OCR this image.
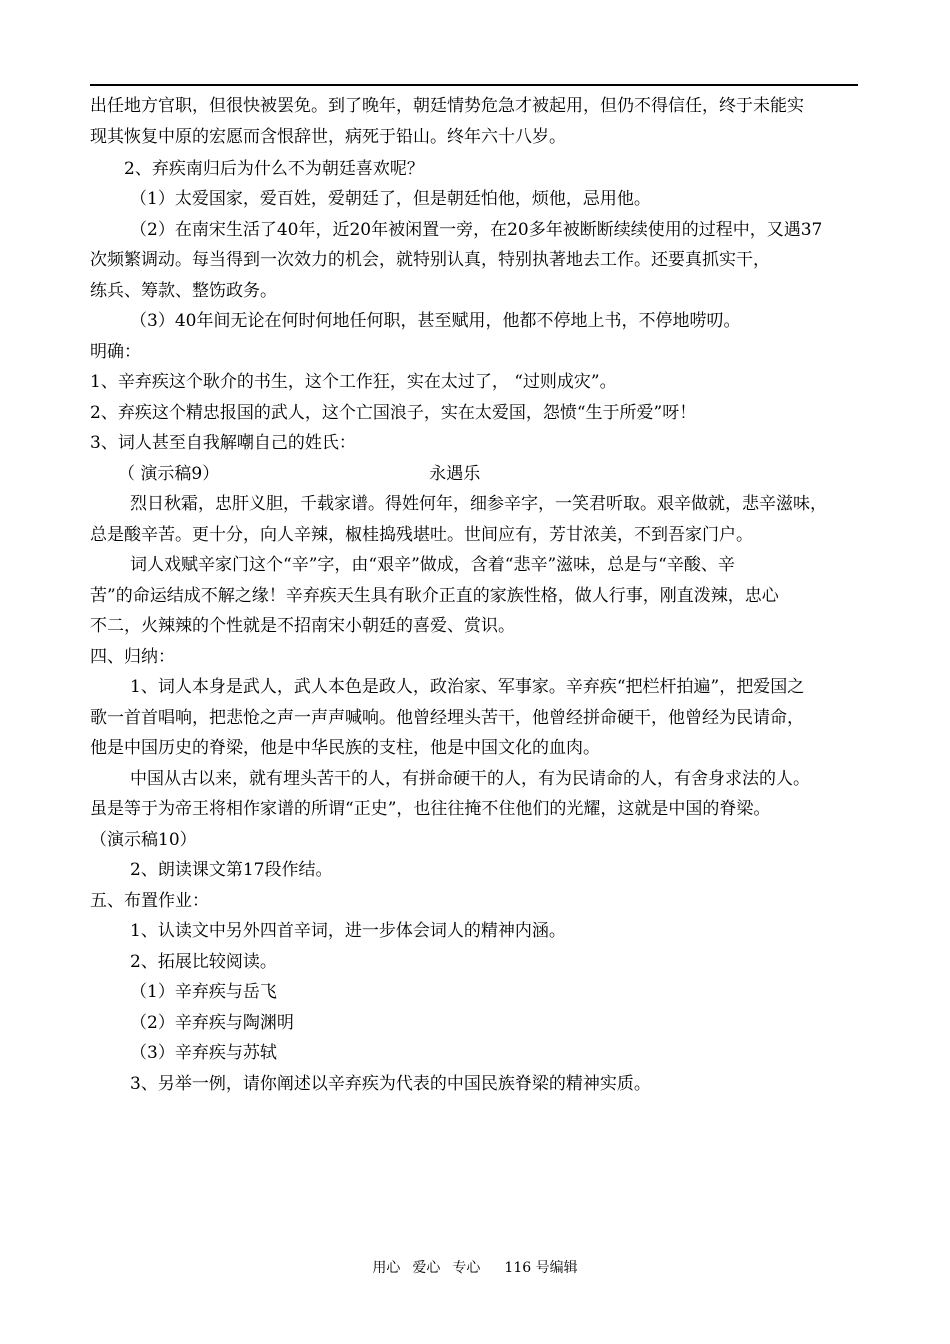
出任地方官职，但很快被罢免。到了晚年，朝廷情势危急才被起用，但仍不得信任，终于未能实
现其恢复中原的宏愿而含恨辞世，病死于铅山。终年六十八岁。
2、弃疾南归后为什么不为朝廷喜欢呢？
（1）太爱国家，爱百姓，爱朝廷了，但是朝廷怕他，烦他，忌用他。
（2）在南宋生活了40年，近20年被闲置一旁，在20多年被断断续续使用的过程中，又遇37
次频繁调动。每当得到一次效力的机会，就特别认真，特别执著地去工作。还要真抓实干，
练兵、筹款、整饬政务。
（3）40年间无论在何时何地任何职，甚至赋用，他都不停地上书，不停地唠叨。
明确：
1、辛弃疾这个耿介的书生，这个工作狂，实在太过了， “过则成灾”。
2、弃疾这个精忠报国的武人，这个亡国浪子，实在太爱国，怨愤“生于所爱”呀！
3、词人甚至自我解嘲自己的姓氏：
（ 演示稿9）	永遇乐
烈日秋霜，忠肝义胆，千载家谱。得姓何年，细参辛字，一笑君听取。艰辛做就，悲辛滋味，
总是酸辛苦。更十分，向人辛辣，椒桂捣残堪吐。世间应有，芳甘浓美，不到吾家门户。
词人戏赋辛家门这个“辛”字，由“艰辛”做成，含着“悲辛”滋味，总是与“辛酸、辛
苦”的命运结成不解之缘！辛弃疾天生具有耿介正直的家族性格，做人行事，刚直泼辣，忠心
不二，火辣辣的个性就是不招南宋小朝廷的喜爱、赏识。
四、归纳：
1、词人本身是武人，武人本色是政人，政治家、军事家。辛弃疾“把栏杆拍遍”，把爱国之
歌一首首唱响，把悲怆之声一声声喊响。他曾经埋头苦干，他曾经拼命硬干，他曾经为民请命，
他是中国历史的脊梁，他是中华民族的支柱，他是中国文化的血肉。
中国从古以来，就有埋头苦干的人，有拼命硬干的人，有为民请命的人，有舍身求法的人。
虽是等于为帝王将相作家谱的所谓“正史”，也往往掩不住他们的光耀，这就是中国的脊梁。
（演示稿10）
2、朗读课文第17段作结。
五、布置作业：
1、认读文中另外四首辛词，进一步体会词人的精神内涵。
2、拓展比较阅读。
（1）辛弃疾与岳飞
（2）辛弃疾与陶渊明
（3）辛弃疾与苏轼
3、另举一例，请你阐述以辛弃疾为代表的中国民族脊梁的精神实质。
用心 爱心 专心 116 号编辑
